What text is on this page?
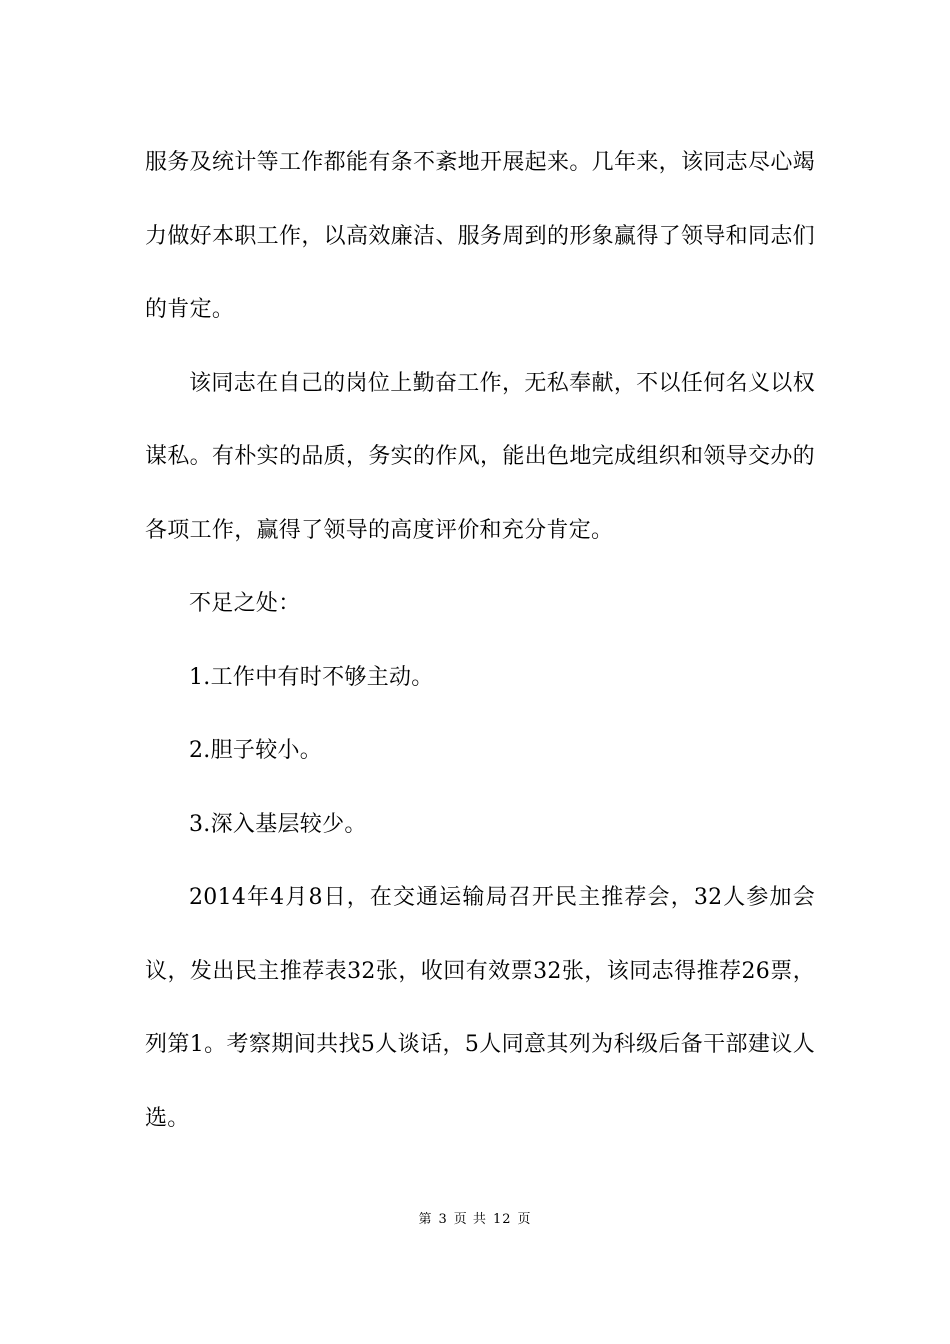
服务及统计等工作都能有条不紊地开展起来。几年来，该同志尽心竭力做好本职工作，以高效廉洁、服务周到的形象赢得了领导和同志们的肯定。

该同志在自己的岗位上勤奋工作，无私奉献，不以任何名义以权谋私。有朴实的品质，务实的作风，能出色地完成组织和领导交办的各项工作，赢得了领导的高度评价和充分肯定。

不足之处：

1.工作中有时不够主动。

2.胆子较小。

3.深入基层较少。

2014年4月8日，在交通运输局召开民主推荐会，32人参加会议，发出民主推荐表32张，收回有效票32张，该同志得推荐26票，列第1。考察期间共找5人谈话，5人同意其列为科级后备干部建议人选。

第 3 页 共 12 页
